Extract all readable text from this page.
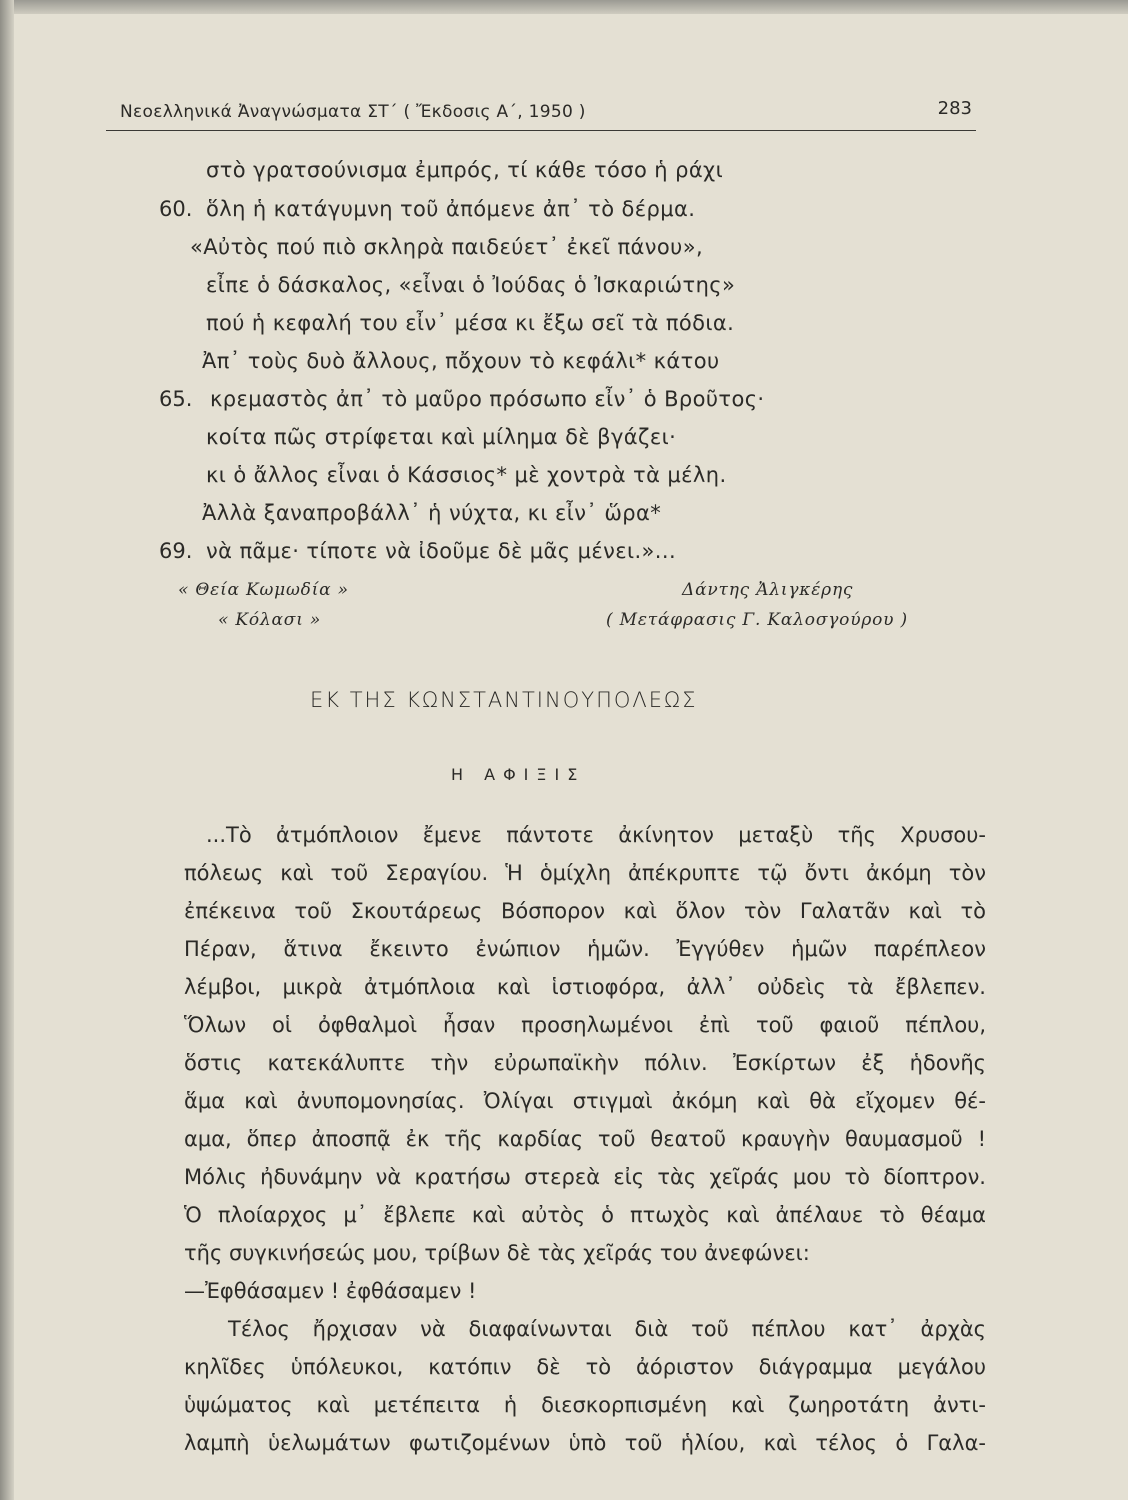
Νεοελληνικά Ἀναγνώσματα ΣΤ΄ ( Ἔκδοσις Α΄, 1950 )	283
στὸ γρατσούνισμα ἐμπρός, τί κάθε τόσο ἡ ράχι
60. ὅλη ἡ κατάγυμνη τοῦ ἀπόμενε ἀπ᾽ τὸ δέρμα.
«Αὐτὸς πού πιὸ σκληρὰ παιδεύετ᾽ ἐκεῖ πάνου»,
εἶπε ὁ δάσκαλος, «εἶναι ὁ Ἰούδας ὁ Ἰσκαριώτης»
πού ἡ κεφαλή του εἶν᾽ μέσα κι ἔξω σεῖ τὰ πόδια.
Ἀπ᾽ τοὺς δυὸ ἄλλους, πὄχουν τὸ κεφάλι* κάτου
65. κρεμαστὸς ἀπ᾽ τὸ μαῦρο πρόσωπο εἶν᾽ ὁ Βροῦτος·
κοίτα πῶς στρίφεται καὶ μίλημα δὲ βγάζει·
κι ὁ ἄλλος εἶναι ὁ Κάσσιος* μὲ χοντρὰ τὰ μέλη.
Ἀλλὰ ξαναπροβάλλ᾽ ἡ νύχτα, κι εἶν᾽ ὥρα*
69. νὰ πᾶμε· τίποτε νὰ ἰδοῦμε δὲ μᾶς μένει.»...
« Θεία Κωμωδία »
« Κόλασι »
Δάντης Ἀλιγκέρης
( Μετάφρασις Γ. Καλοσγούρου )
ΕΚ ΤΗΣ ΚΩΝΣΤΑΝΤΙΝΟΥΠΟΛΕΩΣ
Η ΑΦΙΞΙΣ
...Τὸ ἀτμόπλοιον ἔμενε πάντοτε ἀκίνητον μεταξὺ τῆς Χρυσου-
πόλεως καὶ τοῦ Σεραγίου. Ἡ ὁμίχλη ἀπέκρυπτε τῷ ὄντι ἀκόμη τὸν
ἐπέκεινα τοῦ Σκουτάρεως Βόσπορον καὶ ὅλον τὸν Γαλατᾶν καὶ τὸ
Πέραν, ἅτινα ἔκειντο ἐνώπιον ἡμῶν. Ἐγγύθεν ἡμῶν παρέπλεον
λέμβοι, μικρὰ ἀτμόπλοια καὶ ἱστιοφόρα, ἀλλ᾽ οὐδεὶς τὰ ἔβλεπεν.
Ὅλων οἱ ὀφθαλμοὶ ἦσαν προσηλωμένοι ἐπὶ τοῦ φαιοῦ πέπλου,
ὅστις κατεκάλυπτε τὴν εὐρωπαϊκὴν πόλιν. Ἐσκίρτων ἐξ ἡδονῆς
ἅμα καὶ ἀνυπομονησίας. Ὀλίγαι στιγμαὶ ἀκόμη καὶ θὰ εἴχομεν θέ-
αμα, ὅπερ ἀποσπᾷ ἐκ τῆς καρδίας τοῦ θεατοῦ κραυγὴν θαυμασμοῦ !
Μόλις ἠδυνάμην νὰ κρατήσω στερεὰ εἰς τὰς χεῖράς μου τὸ δίοπτρον.
Ὁ πλοίαρχος μ᾽ ἔβλεπε καὶ αὐτὸς ὁ πτωχὸς καὶ ἀπέλαυε τὸ θέαμα
τῆς συγκινήσεώς μου, τρίβων δὲ τὰς χεῖράς του ἀνεφώνει:
—Ἐφθάσαμεν ! ἐφθάσαμεν !
Τέλος ἤρχισαν νὰ διαφαίνωνται διὰ τοῦ πέπλου κατ᾽ ἀρχὰς
κηλῖδες ὑπόλευκοι, κατόπιν δὲ τὸ ἀόριστον διάγραμμα μεγάλου
ὑψώματος καὶ μετέπειτα ἡ διεσκορπισμένη καὶ ζωηροτάτη ἀντι-
λαμπὴ ὑελωμάτων φωτιζομένων ὑπὸ τοῦ ἡλίου, καὶ τέλος ὁ Γαλα-
